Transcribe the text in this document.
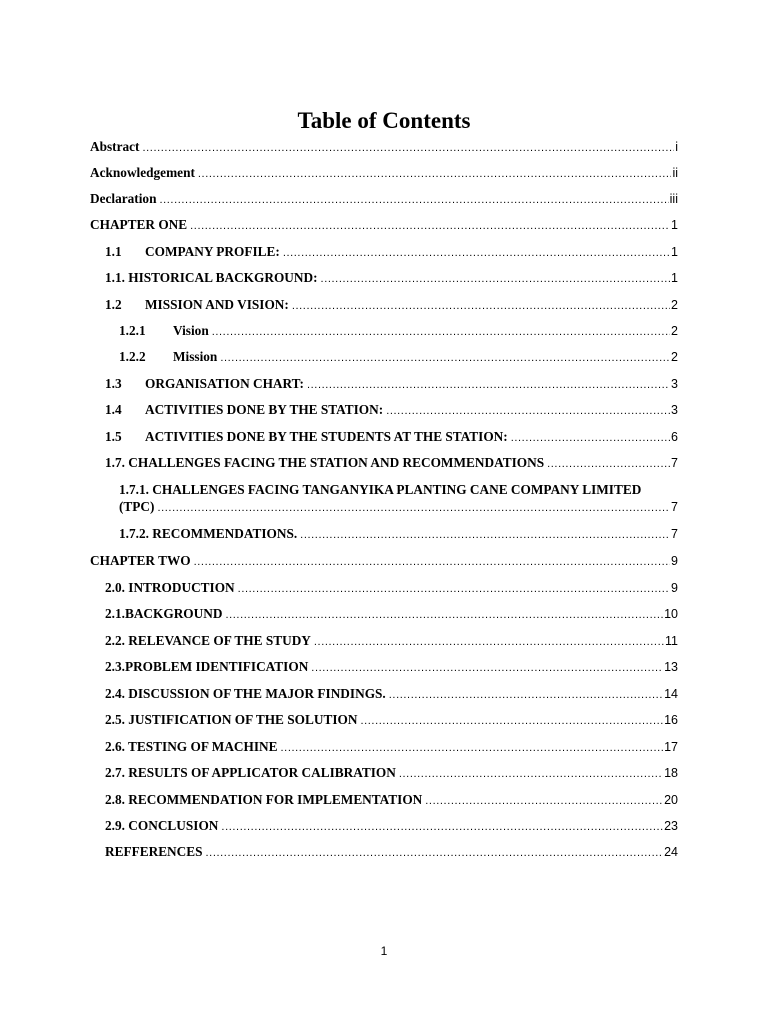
Table of Contents
Abstract .....	i
Acknowledgement .....	ii
Declaration .....	iii
CHAPTER ONE .....	1
1.1	COMPANY PROFILE: .....	1
1.1. HISTORICAL BACKGROUND: .....	1
1.2	MISSION AND VISION: .....	2
1.2.1	Vision .....	2
1.2.2	Mission .....	2
1.3	ORGANISATION CHART: .....	3
1.4	ACTIVITIES DONE BY THE STATION: .....	3
1.5	ACTIVITIES DONE BY THE STUDENTS AT THE STATION: .....	6
1.7. CHALLENGES FACING THE STATION AND RECOMMENDATIONS .....	7
1.7.1. CHALLENGES FACING TANGANYIKA PLANTING CANE COMPANY LIMITED
(TPC) .....	7
1.7.2. RECOMMENDATIONS. .....	7
CHAPTER TWO .....	9
2.0. INTRODUCTION .....	9
2.1.BACKGROUND .....	10
2.2. RELEVANCE OF THE STUDY .....	11
2.3.PROBLEM IDENTIFICATION .....	13
2.4. DISCUSSION OF THE MAJOR FINDINGS. .....	14
2.5. JUSTIFICATION OF THE SOLUTION .....	16
2.6. TESTING OF MACHINE .....	17
2.7. RESULTS OF APPLICATOR CALIBRATION .....	18
2.8. RECOMMENDATION FOR IMPLEMENTATION .....	20
2.9. CONCLUSION .....	23
REFFERENCES .....	24
1
